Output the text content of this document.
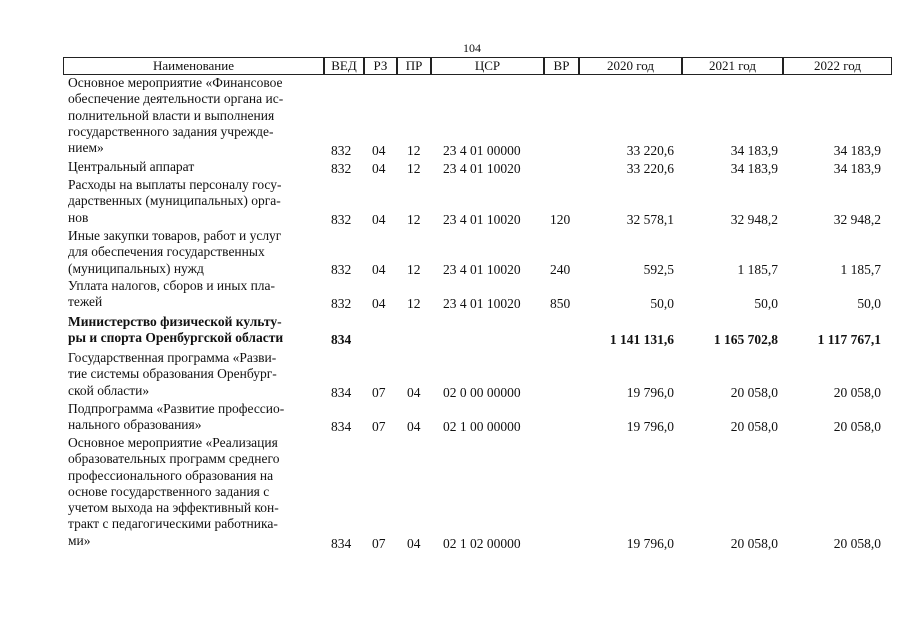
104
Наименование	ВЕД	РЗ	ПР	ЦСР	ВР	2020 год	2021 год	2022 год
Основное мероприятие «Финансовое
обеспечение деятельности органа ис-
полнительной власти и выполнения
государственного задания учрежде-
нием»	832	04	12	23 4 01 00000	33 220,6	34 183,9	34 183,9
Центральный аппарат	832	04	12	23 4 01 10020	33 220,6	34 183,9	34 183,9
Расходы на выплаты персоналу госу-
дарственных (муниципальных) орга-
нов	832	04	12	23 4 01 10020	120	32 578,1	32 948,2	32 948,2
Иные закупки товаров, работ и услуг
для обеспечения государственных
(муниципальных) нужд	832	04	12	23 4 01 10020	240	592,5	1 185,7	1 185,7
Уплата налогов, сборов и иных пла-
тежей	832	04	12	23 4 01 10020	850	50,0	50,0	50,0
Министерство физической культу-
ры и спорта Оренбургской области	834	1 141 131,6	1 165 702,8	1 117 767,1
Государственная программа «Разви-
тие системы образования Оренбург-
ской области»	834	07	04	02 0 00 00000	19 796,0	20 058,0	20 058,0
Подпрограмма «Развитие профессио-
нального образования»	834	07	04	02 1 00 00000	19 796,0	20 058,0	20 058,0
Основное мероприятие «Реализация
образовательных программ среднего
профессионального образования на
основе государственного задания с
учетом выхода на эффективный кон-
тракт с педагогическими работника-
ми»	834	07	04	02 1 02 00000	19 796,0	20 058,0	20 058,0
